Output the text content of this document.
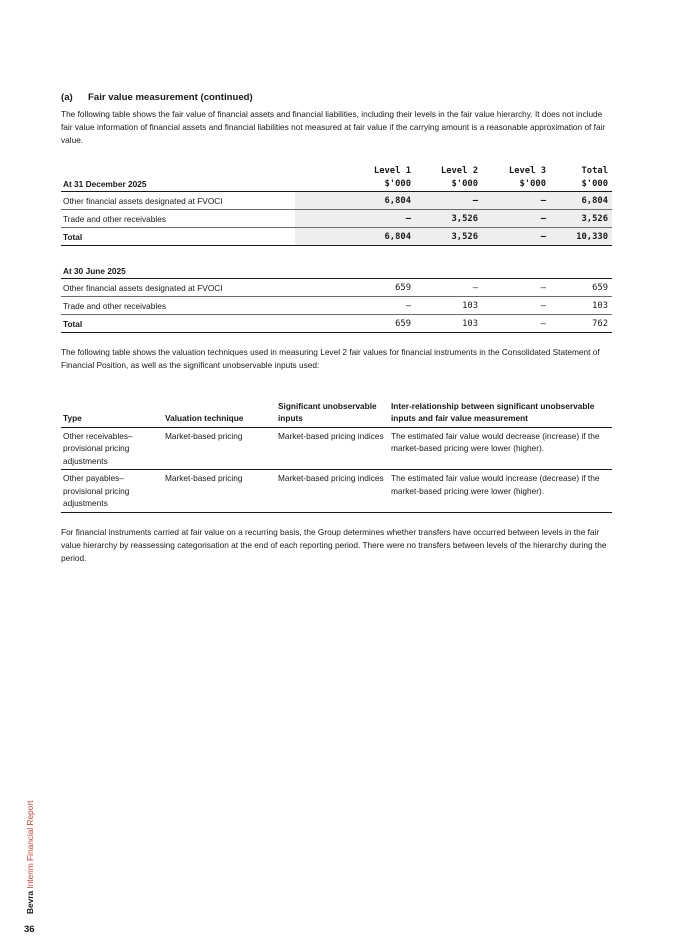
(a)	Fair value measurement (continued)

The following table shows the fair value of financial assets and financial liabilities, including their levels in the fair value hierarchy. It does not include fair value information of financial assets and financial liabilities not measured at fair value if the carrying amount is a reasonable approximation of fair value.

	Level 1	Level 2	Level 3	Total
At 31 December 2025	$'000	$'000	$'000	$'000
Other financial assets designated at FVOCI	6,804	–	–	6,804
Trade and other receivables	–	3,526	–	3,526
Total	6,804	3,526	–	10,330
At 30 June 2025				
Other financial assets designated at FVOCI	659	–	–	659
Trade and other receivables	–	103	–	103
Total	659	103	–	762

The following table shows the valuation techniques used in measuring Level 2 fair values for financial instruments in the Consolidated Statement of Financial Position, as well as the significant unobservable inputs used:

Type	Valuation technique	Significant unobservable inputs	Inter-relationship between significant unobservable inputs and fair value measurement
Other receivables– provisional pricing adjustments	Market-based pricing	Market-based pricing indices	The estimated fair value would decrease (increase) if the market-based pricing were lower (higher).
Other payables– provisional pricing adjustments	Market-based pricing	Market-based pricing indices	The estimated fair value would increase (decrease) if the market-based pricing were lower (higher).

For financial instruments carried at fair value on a recurring basis, the Group determines whether transfers have occurred between levels in the fair value hierarchy by reassessing categorisation at the end of each reporting period. There were no transfers between levels of the hierarchy during the period.

Bevra Interim Financial Report
36
